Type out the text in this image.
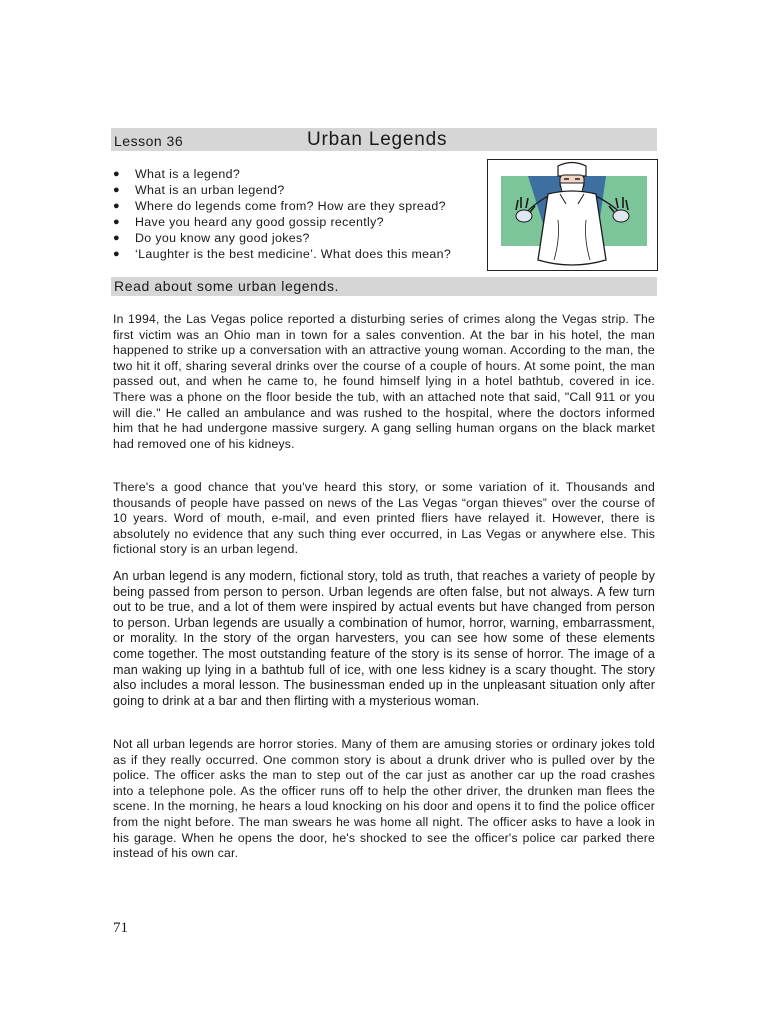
Lesson 36	Urban Legends
● What is a legend?
● What is an urban legend?
● Where do legends come from? How are they spread?
● Have you heard any good gossip recently?
● Do you know any good jokes?
● ‘Laughter is the best medicine’. What does this mean?
Read about some urban legends.

In 1994, the Las Vegas police reported a disturbing series of crimes along the Vegas strip. The first victim was an Ohio man in town for a sales convention. At the bar in his hotel, the man happened to strike up a conversation with an attractive young woman. According to the man, the two hit it off, sharing several drinks over the course of a couple of hours. At some point, the man passed out, and when he came to, he found himself lying in a hotel bathtub, covered in ice. There was a phone on the floor beside the tub, with an attached note that said, "Call 911 or you will die." He called an ambulance and was rushed to the hospital, where the doctors informed him that he had undergone massive surgery. A gang selling human organs on the black market had removed one of his kidneys.

There's a good chance that you've heard this story, or some variation of it. Thousands and thousands of people have passed on news of the Las Vegas “organ thieves” over the course of 10 years. Word of mouth, e-mail, and even printed fliers have relayed it. However, there is absolutely no evidence that any such thing ever occurred, in Las Vegas or anywhere else. This fictional story is an urban legend.

An urban legend is any modern, fictional story, told as truth, that reaches a variety of people by being passed from person to person. Urban legends are often false, but not always. A few turn out to be true, and a lot of them were inspired by actual events but have changed from person to person. Urban legends are usually a combination of humor, horror, warning, embarrassment, or morality. In the story of the organ harvesters, you can see how some of these elements come together. The most outstanding feature of the story is its sense of horror. The image of a man waking up lying in a bathtub full of ice, with one less kidney is a scary thought. The story also includes a moral lesson. The businessman ended up in the unpleasant situation only after going to drink at a bar and then flirting with a mysterious woman.

Not all urban legends are horror stories. Many of them are amusing stories or ordinary jokes told as if they really occurred. One common story is about a drunk driver who is pulled over by the police. The officer asks the man to step out of the car just as another car up the road crashes into a telephone pole. As the officer runs off to help the other driver, the drunken man flees the scene. In the morning, he hears a loud knocking on his door and opens it to find the police officer from the night before. The man swears he was home all night. The officer asks to have a look in his garage. When he opens the door, he's shocked to see the officer's police car parked there instead of his own car.

71
